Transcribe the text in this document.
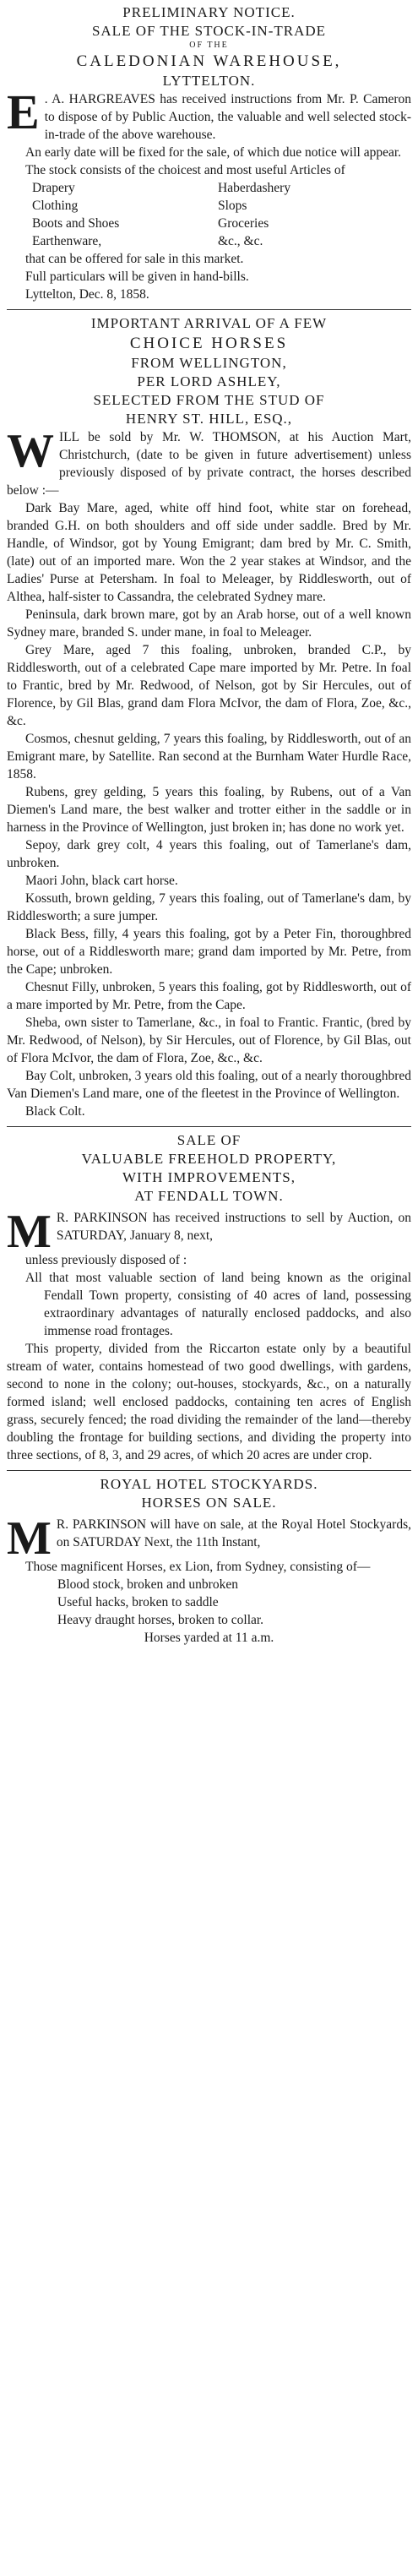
PRELIMINARY NOTICE.
SALE OF THE STOCK-IN-TRADE
OF THE
CALEDONIAN WAREHOUSE,
LYTTELTON.
E . A. HARGREAVES has received instructions from Mr. P. Cameron to dispose of by Public Auction, the valuable and well selected stock-in-trade of the above warehouse.

An early date will be fixed for the sale, of which due notice will appear.

The stock consists of the choicest and most useful Articles of

Drapery
Clothing
Boots and Shoes
Earthenware,
Haberdashery
Slops
Groceries
&c., &c.

that can be offered for sale in this market.

Full particulars will be given in hand-bills.

Lyttelton, Dec. 8, 1858.

IMPORTANT ARRIVAL OF A FEW
CHOICE HORSES
FROM WELLINGTON,
PER LORD ASHLEY,
SELECTED FROM THE STUD OF
HENRY ST. HILL, ESQ.,
W ILL be sold by Mr. W. THOMSON, at his Auction Mart, Christchurch, (date to be given in future advertisement) unless previously disposed of by private contract, the horses described below :—

Dark Bay Mare, aged, white off hind foot, white star on forehead, branded G.H. on both shoulders and off side under saddle. Bred by Mr. Handle, of Windsor, got by Young Emigrant; dam bred by Mr. C. Smith, (late) out of an imported mare. Won the 2 year stakes at Windsor, and the Ladies' Purse at Petersham. In foal to Meleager, by Riddlesworth, out of Althea, half-sister to Cassandra, the celebrated Sydney mare.

Peninsula, dark brown mare, got by an Arab horse, out of a well known Sydney mare, branded S. under mane, in foal to Meleager.

Grey Mare, aged 7 this foaling, unbroken, branded C.P., by Riddlesworth, out of a celebrated Cape mare imported by Mr. Petre. In foal to Frantic, bred by Mr. Redwood, of Nelson, got by Sir Hercules, out of Florence, by Gil Blas, grand dam Flora McIvor, the dam of Flora, Zoe, &c., &c.

Cosmos, chesnut gelding, 7 years this foaling, by Riddlesworth, out of an Emigrant mare, by Satellite. Ran second at the Burnham Water Hurdle Race, 1858.

Rubens, grey gelding, 5 years this foaling, by Rubens, out of a Van Diemen's Land mare, the best walker and trotter either in the saddle or in harness in the Province of Wellington, just broken in; has done no work yet.

Sepoy, dark grey colt, 4 years this foaling, out of Tamerlane's dam, unbroken.

Maori John, black cart horse.

Kossuth, brown gelding, 7 years this foaling, out of Tamerlane's dam, by Riddlesworth; a sure jumper.

Black Bess, filly, 4 years this foaling, got by a Peter Fin, thoroughbred horse, out of a Riddlesworth mare; grand dam imported by Mr. Petre, from the Cape; unbroken.

Chesnut Filly, unbroken, 5 years this foaling, got by Riddlesworth, out of a mare imported by Mr. Petre, from the Cape.

Sheba, own sister to Tamerlane, &c., in foal to Frantic. Frantic, (bred by Mr. Redwood, of Nelson), by Sir Hercules, out of Florence, by Gil Blas, out of Flora McIvor, the dam of Flora, Zoe, &c., &c.

Bay Colt, unbroken, 3 years old this foaling, out of a nearly thoroughbred Van Diemen's Land mare, one of the fleetest in the Province of Wellington.

Black Colt.

SALE OF
VALUABLE FREEHOLD PROPERTY,
WITH IMPROVEMENTS,
AT FENDALL TOWN.
M R. PARKINSON has received instructions to sell by Auction, on SATURDAY, January 8, next,

unless previously disposed of :

All that most valuable section of land being known as the original Fendall Town property, consisting of 40 acres of land, possessing extraordinary advantages of naturally enclosed paddocks, and also immense road frontages.

This property, divided from the Riccarton estate only by a beautiful stream of water, contains homestead of two good dwellings, with gardens, second to none in the colony; out-houses, stockyards, &c., on a naturally formed island; well enclosed paddocks, containing ten acres of English grass, securely fenced; the road dividing the remainder of the land—thereby doubling the frontage for building sections, and dividing the property into three sections, of 8, 3, and 29 acres, of which 20 acres are under crop.

ROYAL HOTEL STOCKYARDS.
HORSES ON SALE.
M R. PARKINSON will have on sale, at the Royal Hotel Stockyards, on SATURDAY Next, the 11th Instant,

Those magnificent Horses, ex Lion, from Sydney, consisting of—

Blood stock, broken and unbroken

Useful hacks, broken to saddle

Heavy draught horses, broken to collar.

Horses yarded at 11 a.m.
